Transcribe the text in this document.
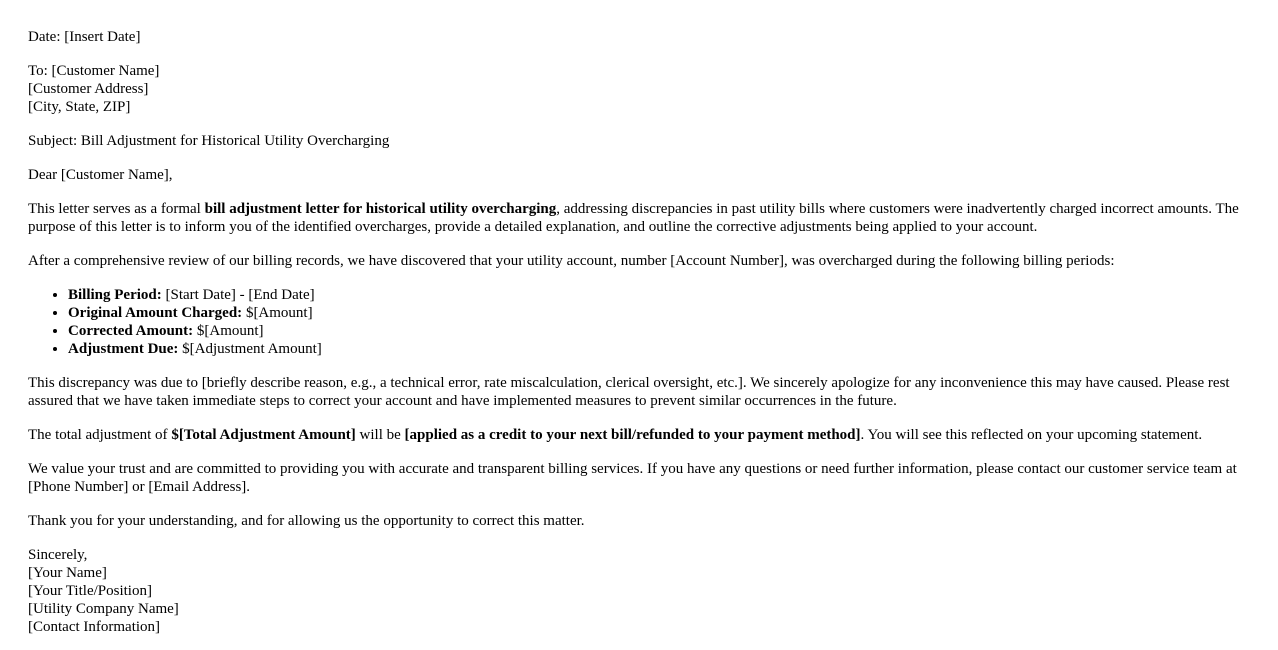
Date: [Insert Date]

To: [Customer Name]
[Customer Address]
[City, State, ZIP]

Subject: Bill Adjustment for Historical Utility Overcharging

Dear [Customer Name],

This letter serves as a formal bill adjustment letter for historical utility overcharging, addressing discrepancies in past utility bills where customers were inadvertently charged incorrect amounts. The purpose of this letter is to inform you of the identified overcharges, provide a detailed explanation, and outline the corrective adjustments being applied to your account.

After a comprehensive review of our billing records, we have discovered that your utility account, number [Account Number], was overcharged during the following billing periods:

• Billing Period: [Start Date] - [End Date]
• Original Amount Charged: $[Amount]
• Corrected Amount: $[Amount]
• Adjustment Due: $[Adjustment Amount]

This discrepancy was due to [briefly describe reason, e.g., a technical error, rate miscalculation, clerical oversight, etc.]. We sincerely apologize for any inconvenience this may have caused. Please rest assured that we have taken immediate steps to correct your account and have implemented measures to prevent similar occurrences in the future.

The total adjustment of $[Total Adjustment Amount] will be [applied as a credit to your next bill/refunded to your payment method]. You will see this reflected on your upcoming statement.

We value your trust and are committed to providing you with accurate and transparent billing services. If you have any questions or need further information, please contact our customer service team at [Phone Number] or [Email Address].

Thank you for your understanding, and for allowing us the opportunity to correct this matter.

Sincerely,
[Your Name]
[Your Title/Position]
[Utility Company Name]
[Contact Information]
